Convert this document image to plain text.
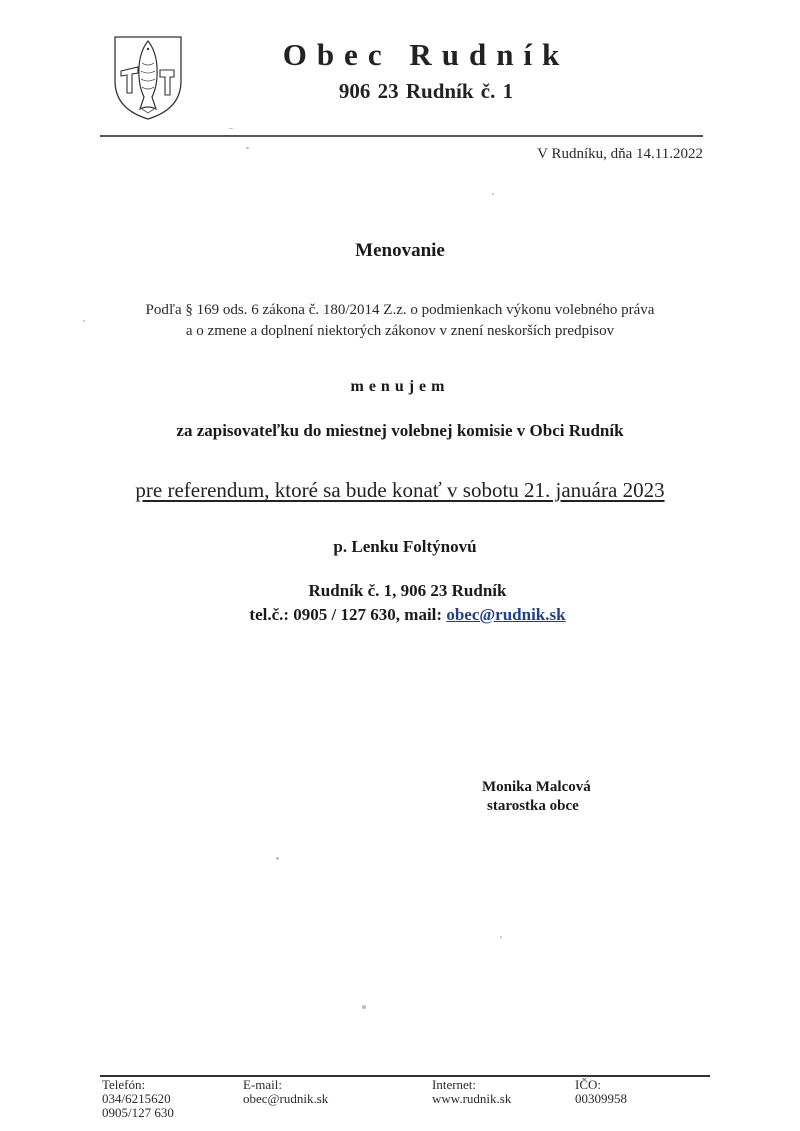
Obec Rudník
906 23 Rudník č. 1
V Rudníku, dňa 14.11.2022
Menovanie
Podľa § 169 ods. 6 zákona č. 180/2014 Z.z. o podmienkach výkonu volebného práva
a o zmene a doplnení niektorých zákonov v znení neskorších predpisov
menujem
za zapisovateľku do miestnej volebnej komisie v Obci Rudník
pre referendum, ktoré sa bude konať v sobotu 21. januára 2023
p. Lenku Foltýnovú
Rudník č. 1, 906 23 Rudník
tel.č.: 0905 / 127 630, mail: obec@rudnik.sk
Monika Malcová
starostka obce
Telefón:
034/6215620
0905/127 630
E-mail:
obec@rudnik.sk
Internet:
www.rudnik.sk
IČO:
00309958
